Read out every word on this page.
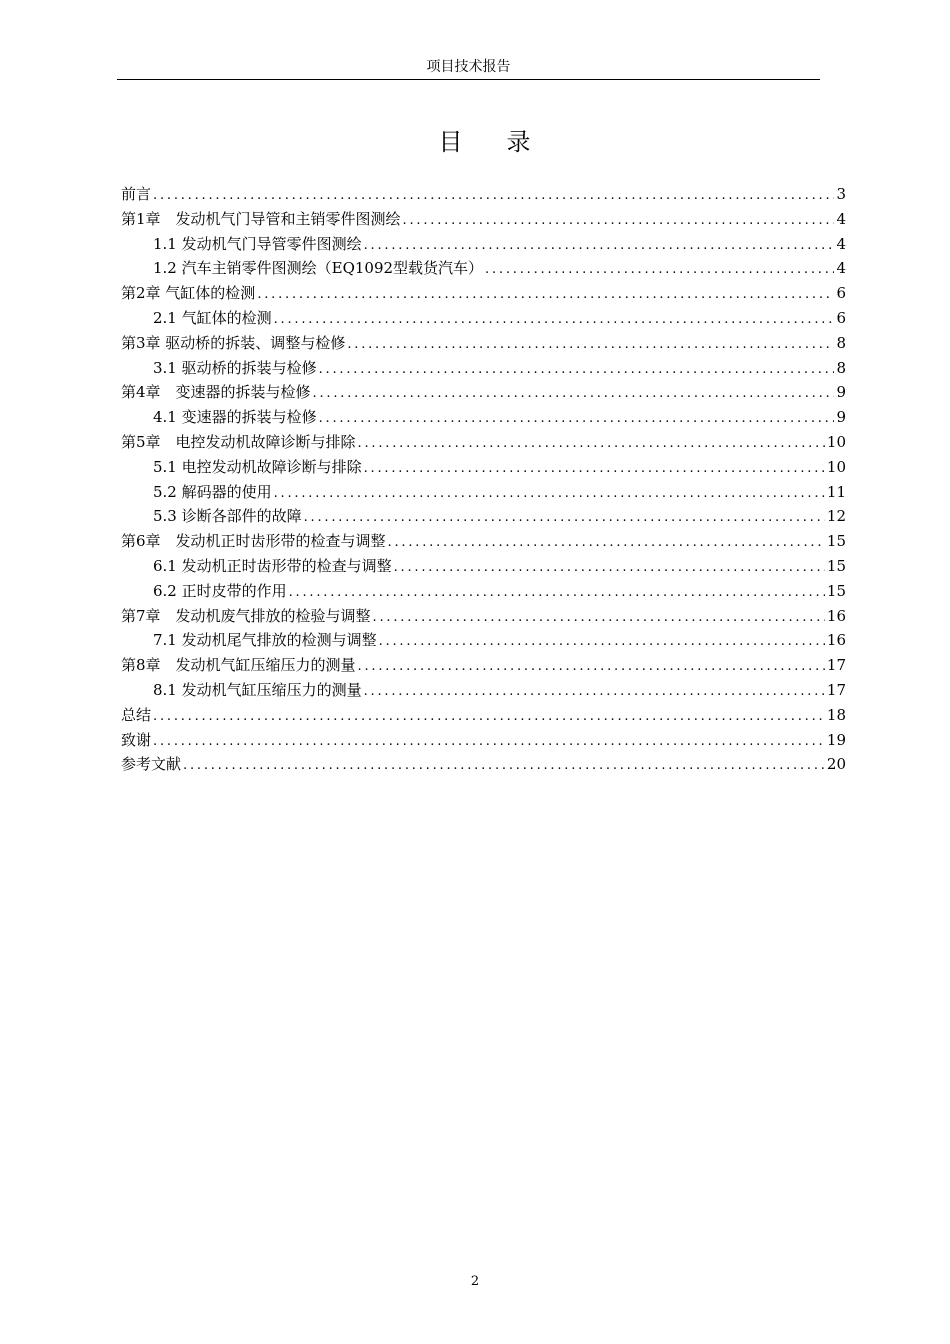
项目技术报告
目录
前言 .....	3
第1章　发动机气门导管和主销零件图测绘 .....	4
1.1 发动机气门导管零件图测绘 .....	4
1.2 汽车主销零件图测绘（EQ1092型载货汽车） .....	4
第2章 气缸体的检测 .....	6
2.1 气缸体的检测 .....	6
第3章 驱动桥的拆装、调整与检修 .....	8
3.1 驱动桥的拆装与检修 .....	8
第4章　变速器的拆装与检修 .....	9
4.1 变速器的拆装与检修 .....	9
第5章　电控发动机故障诊断与排除 .....	10
5.1 电控发动机故障诊断与排除 .....	10
5.2 解码器的使用 .....	11
5.3 诊断各部件的故障 .....	12
第6章　发动机正时齿形带的检查与调整 .....	15
6.1 发动机正时齿形带的检查与调整 .....	15
6.2 正时皮带的作用 .....	15
第7章　发动机废气排放的检验与调整 .....	16
7.1 发动机尾气排放的检测与调整 .....	16
第8章　发动机气缸压缩压力的测量 .....	17
8.1 发动机气缸压缩压力的测量 .....	17
总结 .....	18
致谢 .....	19
参考文献 .....	20
2
